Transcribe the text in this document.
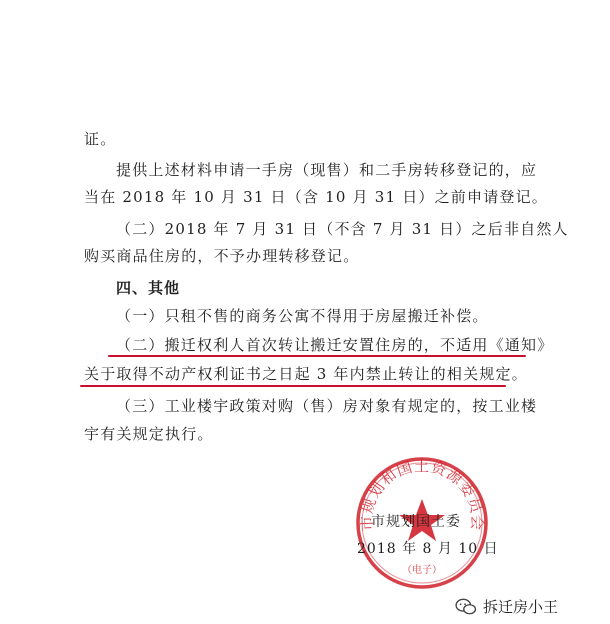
证。
提供上述材料申请一手房（现售）和二手房转移登记的，应
当在 2018 年 10 月 31 日（含 10 月 31 日）之前申请登记。
（二）2018 年 7 月 31 日（不含 7 月 31 日）之后非自然人
购买商品住房的，不予办理转移登记。
四、其他
（一）只租不售的商务公寓不得用于房屋搬迁补偿。
（二）搬迁权利人首次转让搬迁安置住房的，不适用《通知》
关于取得不动产权利证书之日起 3 年内禁止转让的相关规定。
（三）工业楼宇政策对购（售）房对象有规定的，按工业楼
宇有关规定执行。
市规划和国土资源委员会
（电子）
市规划国土委
2018 年 8 月 10 日
拆迁房小王
